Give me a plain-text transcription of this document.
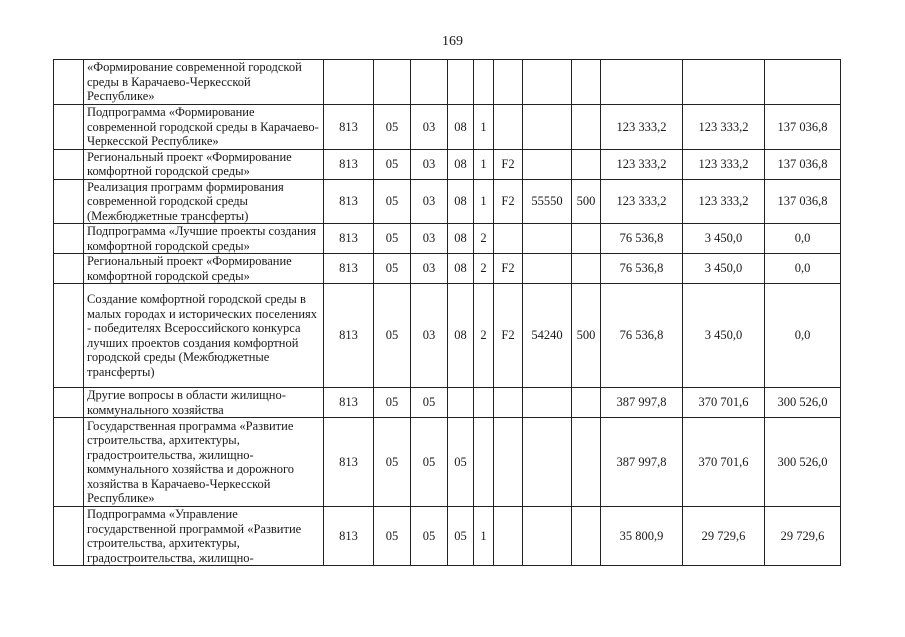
169
	«Формирование современной городской среды в Карачаево-Черкесской Республике»											
	Подпрограмма «Формирование современной городской среды в Карачаево-Черкесской Республике»	813	05	03	08	1				123 333,2	123 333,2	137 036,8
	Региональный проект «Формирование комфортной городской среды»	813	05	03	08	1	F2			123 333,2	123 333,2	137 036,8
	Реализация программ формирования современной городской среды (Межбюджетные трансферты)	813	05	03	08	1	F2	55550	500	123 333,2	123 333,2	137 036,8
	Подпрограмма «Лучшие проекты создания комфортной городской среды»	813	05	03	08	2				76 536,8	3 450,0	0,0
	Региональный проект «Формирование комфортной городской среды»	813	05	03	08	2	F2			76 536,8	3 450,0	0,0
	Создание комфортной городской среды в малых городах и исторических поселениях - победителях Всероссийского конкурса лучших проектов создания комфортной городской среды (Межбюджетные трансферты)	813	05	03	08	2	F2	54240	500	76 536,8	3 450,0	0,0
	Другие вопросы в области жилищно-коммунального хозяйства	813	05	05						387 997,8	370 701,6	300 526,0
	Государственная программа «Развитие строительства, архитектуры, градостроительства, жилищно-коммунального хозяйства и дорожного хозяйства в Карачаево-Черкесской Республике»	813	05	05	05					387 997,8	370 701,6	300 526,0
	Подпрограмма «Управление государственной программой «Развитие строительства, архитектуры, градостроительства, жилищно-	813	05	05	05	1				35 800,9	29 729,6	29 729,6
